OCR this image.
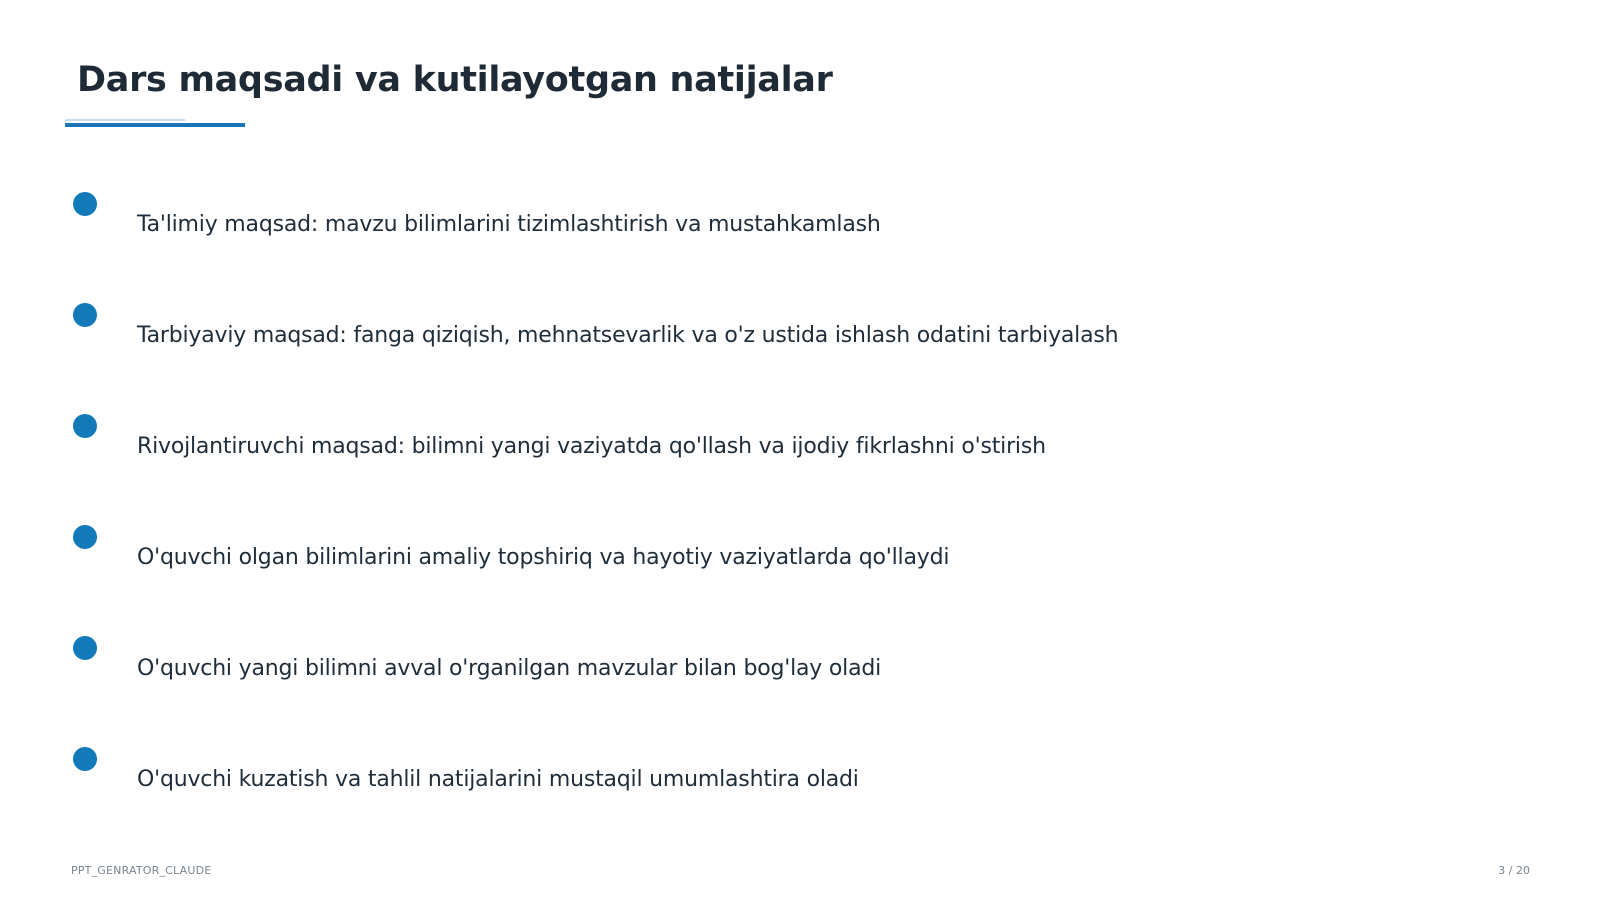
Dars maqsadi va kutilayotgan natijalar
Ta'limiy maqsad: mavzu bilimlarini tizimlashtirish va mustahkamlash
Tarbiyaviy maqsad: fanga qiziqish, mehnatsevarlik va o'z ustida ishlash odatini tarbiyalash
Rivojlantiruvchi maqsad: bilimni yangi vaziyatda qo'llash va ijodiy fikrlashni o'stirish
O'quvchi olgan bilimlarini amaliy topshiriq va hayotiy vaziyatlarda qo'llaydi
O'quvchi yangi bilimni avval o'rganilgan mavzular bilan bog'lay oladi
O'quvchi kuzatish va tahlil natijalarini mustaqil umumlashtira oladi
PPT_GENRATOR_CLAUDE	3 / 20
